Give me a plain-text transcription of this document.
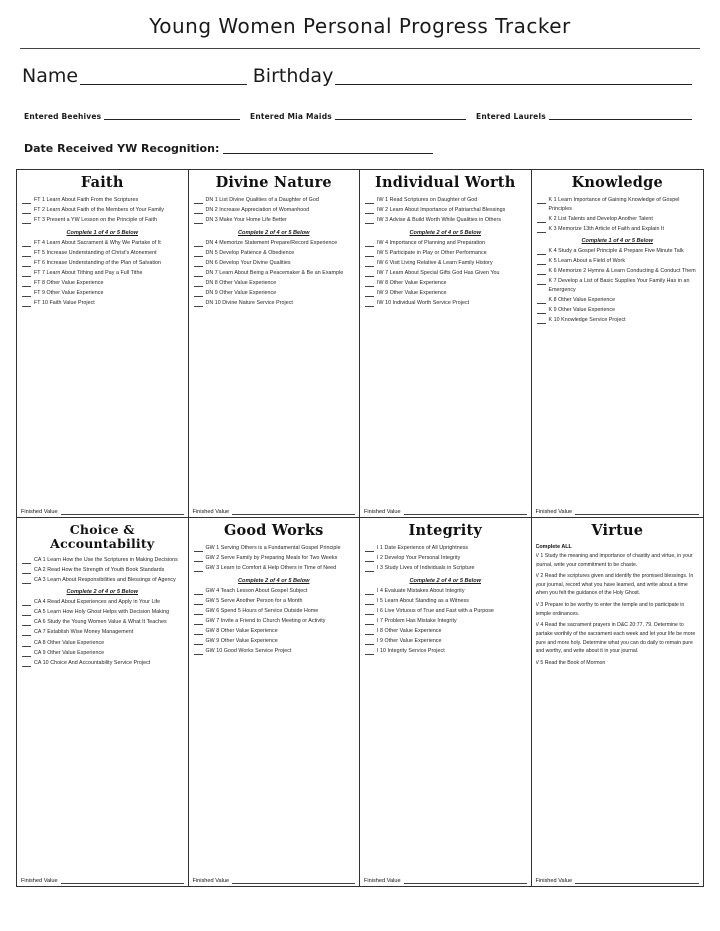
Young Women Personal Progress Tracker
Name	Birthday
Entered Beehives	Entered Mia Maids	Entered Laurels
Date Received YW Recognition:
Faith
FT 1 Learn About Faith From the Scriptures
FT 2 Learn About Faith of the Members of Your Family
FT 3 Present a YW Lesson on the Principle of Faith
Complete 1 of 4 or 5 Below
FT 4 Learn About Sacrament & Why We Partake of It
FT 5 Increase Understanding of Christ's Atonement
FT 6 Increase Understanding of the Plan of Salvation
FT 7 Learn About Tithing and Pay a Full Tithe
FT 8 Other Value Experience
FT 9 Other Value Experience
FT 10 Faith Value Project
Finished Value
Divine Nature
DN 1 List Divine Qualities of a Daughter of God
DN 2 Increase Appreciation of Womanhood
DN 3 Make Your Home Life Better
Complete 2 of 4 or 5 Below
DN 4 Memorize Statement Prepare/Record Experience
DN 5 Develop Patience & Obedience
DN 6 Develop Your Divine Qualities
DN 7 Learn About Being a Peacemaker & Be an Example
DN 8 Other Value Experience
DN 9 Other Value Experience
DN 10 Divine Nature Service Project
Finished Value
Individual Worth
IW 1 Read Scriptures on Daughter of God
IW 2 Learn About Importance of Patriarchal Blessings
IW 3 Advise & Build Worth While Qualities in Others
Complete 2 of 4 or 5 Below
IW 4 Importance of Planning and Preparation
IW 5 Participate in Play or Other Performance
IW 6 Visit Living Relative & Learn Family History
IW 7 Learn About Special Gifts God Has Given You
IW 8 Other Value Experience
IW 9 Other Value Experience
IW 10 Individual Worth Service Project
Finished Value
Knowledge
K 1 Learn Importance of Gaining Knowledge of Gospel Principles
K 2 List Talents and Develop Another Talent
K 3 Memorize 13th Article of Faith and Explain It
Complete 1 of 4 or 5 Below
K 4 Study a Gospel Principle & Prepare Five Minute Talk
K 5 Learn About a Field of Work
K 6 Memorize 2 Hymns & Learn Conducting & Conduct Them
K 7 Develop a List of Basic Supplies Your Family Has in an Emergency
K 8 Other Value Experience
K 9 Other Value Experience
K 10 Knowledge Service Project
Finished Value
Choice & Accountability
CA 1 Learn How the Use the Scriptures in Making Decisions
CA 2 Read How the Strength of Youth Book Standards
CA 3 Learn About Responsibilities and Blessings of Agency
Complete 2 of 4 or 5 Below
CA 4 Read About Experiences and Apply in Your Life
CA 5 Learn How Holy Ghost Helps with Decision Making
CA 6 Study the Young Women Value & What It Teaches
CA 7 Establish Wise Money Management
CA 8 Other Value Experience
CA 9 Other Value Experience
CA 10 Choice And Accountability Service Project
Finished Value
Good Works
GW 1 Serving Others is a Fundamental Gospel Principle
GW 2 Serve Family by Preparing Meals for Two Weeks
GW 3 Learn to Comfort & Help Others in Time of Need
Complete 2 of 4 or 5 Below
GW 4 Teach Lesson About Gospel Subject
GW 5 Serve Another Person for a Month
GW 6 Spend 5 Hours of Service Outside Home
GW 7 Invite a Friend to Church Meeting or Activity
GW 8 Other Value Experience
GW 9 Other Value Experience
GW 10 Good Works Service Project
Finished Value
Integrity
I 1 Date Experience of All Uprightness
I 2 Develop Your Personal Integrity
I 3 Study Lives of Individuals in Scripture
Complete 2 of 4 or 5 Below
I 4 Evaluate Mistakes About Integrity
I 5 Learn About Standing as a Witness
I 6 Live Virtuous of True and Fast with a Purpose
I 7 Problem Has Mistake Integrity
I 8 Other Value Experience
I 9 Other Value Experience
I 10 Integrity Service Project
Finished Value
Virtue
Complete ALL
V 1 Study the meaning and importance of chastity and virtue, in your journal, write your commitment to be chaste.
V 2 Read the scriptures given and identify the promised blessings. In your journal, record what you have learned, and write about a time when you felt the guidance of the Holy Ghost.
V 3 Prepare to be worthy to enter the temple and to participate in temple ordinances.
V 4 Read the sacrament prayers in D&C 20:77, 79. Determine to partake worthily of the sacrament each week and let your life be more pure and more holy. Determine what you can do daily to remain pure and worthy, and write about it in your journal.
V 5 Read the Book of Mormon
Finished Value
